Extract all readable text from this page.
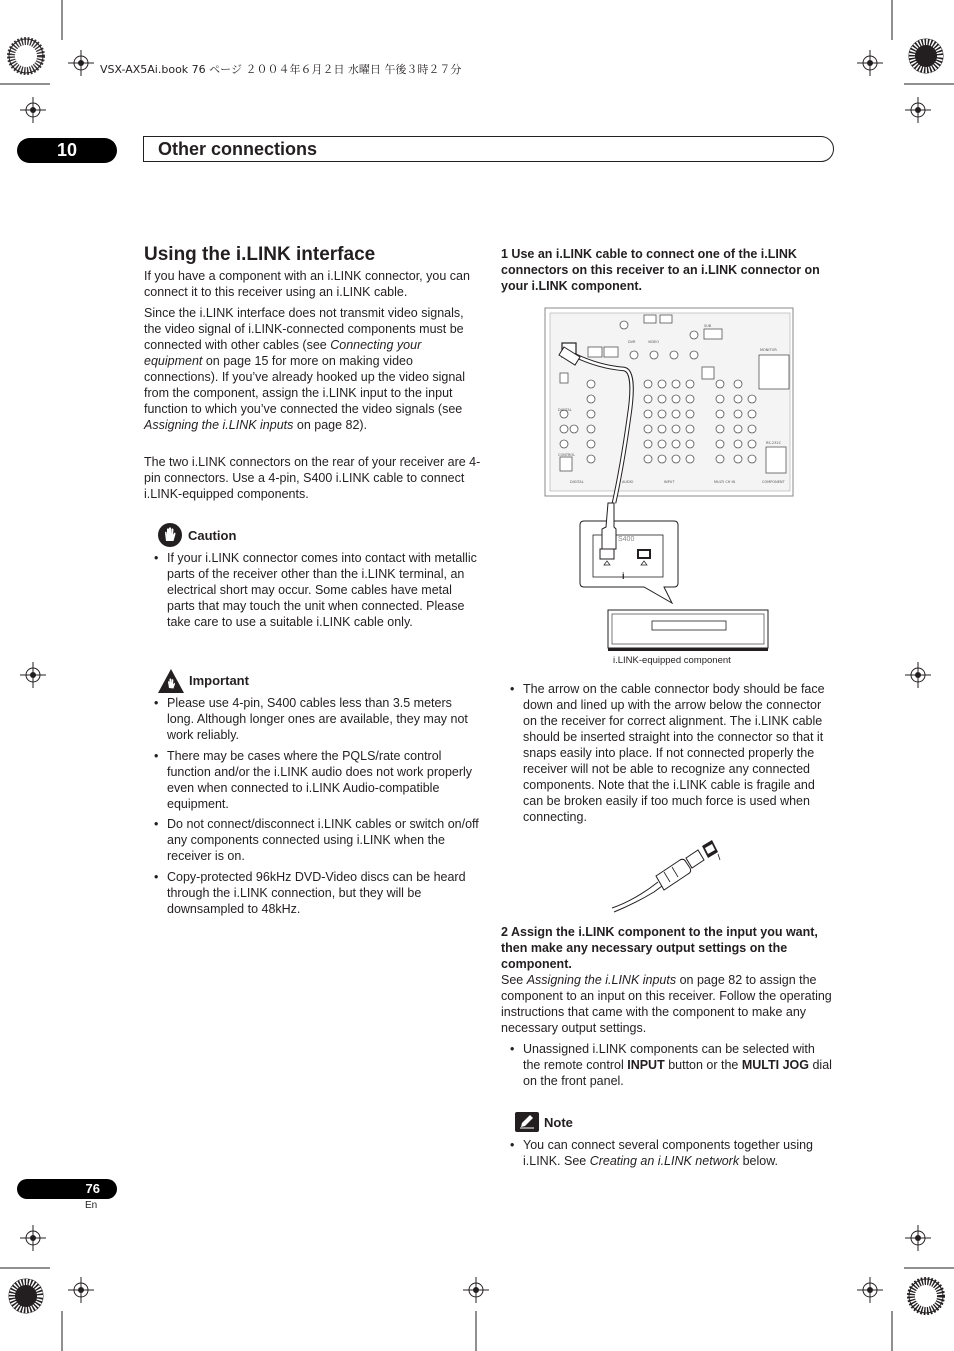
VSX-AX5Ai.book 76 ページ ２００４年６月２日 水曜日 午後３時２７分
10	Other connections
Using the i.LINK interface
If you have a component with an i.LINK connector, you can connect it to this receiver using an i.LINK cable.
Since the i.LINK interface does not transmit video signals, the video signal of i.LINK-connected components must be connected with other cables (see Connecting your equipment on page 15 for more on making video connections). If you’ve already hooked up the video signal from the component, assign the i.LINK input to the input function to which you’ve connected the video signals (see Assigning the i.LINK inputs on page 82).
The two i.LINK connectors on the rear of your receiver are 4-pin connectors. Use a 4-pin, S400 i.LINK cable to connect i.LINK-equipped components.
Caution
• If your i.LINK connector comes into contact with metallic parts of the receiver other than the i.LINK terminal, an electrical short may occur. Some cables have metal parts that may touch the unit when connected. Please take care to use a suitable i.LINK cable only.
Important
• Please use 4-pin, S400 cables less than 3.5 meters long. Although longer ones are available, they may not work reliably.
• There may be cases where the PQLS/rate control function and/or the i.LINK audio does not work properly even when connected to i.LINK Audio-compatible equipment.
• Do not connect/disconnect i.LINK cables or switch on/off any components connected using i.LINK when the receiver is on.
• Copy-protected 96kHz DVD-Video discs can be heard through the i.LINK connection, but they will be downsampled to 48kHz.
1 Use an i.LINK cable to connect one of the i.LINK connectors on this receiver to an i.LINK connector on your i.LINK component.
DIGITAL
CONTROL
DVR	VIDEO
SUB
MONITOR
RS-232C
DIGITAL	AUDIO	INPUT	MULTI CH IN	COMPONENT
S400
i
i.LINK-equipped component
• The arrow on the cable connector body should be face down and lined up with the arrow below the connector on the receiver for correct alignment. The i.LINK cable should be inserted straight into the connector so that it snaps easily into place. If not connected properly the receiver will not be able to recognize any connected components. Note that the i.LINK cable is fragile and can be broken easily if too much force is used when connecting.
2 Assign the i.LINK component to the input you want, then make any necessary output settings on the component.
See Assigning the i.LINK inputs on page 82 to assign the component to an input on this receiver. Follow the operating instructions that came with the component to make any necessary output settings.
• Unassigned i.LINK components can be selected with the remote control INPUT button or the MULTI JOG dial on the front panel.
Note
• You can connect several components together using i.LINK. See Creating an i.LINK network below.
76
En
